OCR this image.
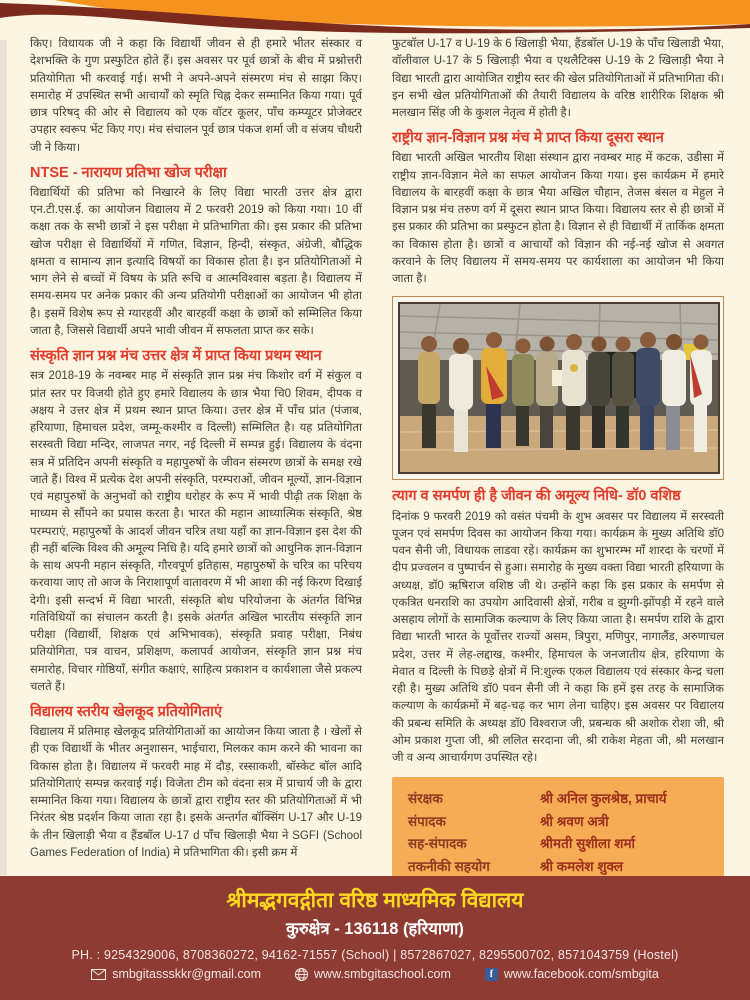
किए। विधायक जी ने कहा कि विद्यार्थी जीवन से ही हमारे भीतर संस्कार व देशभक्ति के गुण प्रस्फुटित होते हैं। इस अवसर पर पूर्व छात्रों के बीच में प्रश्नोत्तरी प्रतियोगिता भी करवाई गई। सभी ने अपने-अपने संस्मरण मंच से साझा किए। समारोह में उपस्थित सभी आचार्यों को स्मृति चिह्न देकर सम्मानित किया गया। पूर्व छात्र परिषद् की ओर से विद्यालय को एक वॉटर कूलर, पाँच कम्प्यूटर प्रोजेक्टर उपहार स्वरूप भेंट किए गए। मंच संचालन पूर्व छात्र पंकज शर्मा जी व संजय चौधरी जी ने किया।

NTSE - नारायण प्रतिभा खोज परीक्षा

विद्यार्थियों की प्रतिभा को निखारने के लिए विद्या भारती उत्तर क्षेत्र द्वारा एन.टी.एस.ई. का आयोजन विद्यालय में 2 फरवरी 2019 को किया गया। 10 वीं कक्षा तक के सभी छात्रों ने इस परीक्षा मे प्रतिभागिता की। इस प्रकार की प्रतिभा खोज परीक्षा से विद्यार्थियों में गणित, विज्ञान, हिन्दी, संस्कृत, अंग्रेजी, बौद्धिक क्षमता व सामान्य ज्ञान इत्यादि विषयों का विकास होता है। इन प्रतियोगिताओं मे भाग लेने से बच्चों में विषय के प्रति रूचि व आत्मविश्वास बड़ता है। विद्यालय में समय-समय पर अनेक प्रकार की अन्य प्रतियोगी परीक्षाओं का आयोजन भी होता है। इसमें विशेष रूप से ग्यारहवीं और बारहवीं कक्षा के छात्रों को सम्मिलित किया जाता है, जिससे विद्यार्थी अपने भावी जीवन में सफलता प्राप्त कर सके।

संस्कृति ज्ञान प्रश्न मंच उत्तर क्षेत्र में प्राप्त किया प्रथम स्थान

सत्र 2018-19 के नवम्बर माह में संस्कृति ज्ञान प्रश्न मंच किशोर वर्ग में संकुल व प्रांत स्तर पर विजयी होते हुए हमारे विद्यालय के छात्र भैया चि0 शिवम, दीपक व अक्षय ने उत्तर क्षेत्र में प्रथम स्थान प्राप्त किया। उत्तर क्षेत्र में पाँच प्रांत (पंजाब, हरियाणा, हिमाचल प्रदेश, जम्मू-कश्मीर व दिल्ली) सम्मिलित है। यह प्रतियोगिता सरस्वती विद्या मन्दिर, लाजपत नगर, नई दिल्ली में सम्पन्न हुई। विद्यालय के वंदना सत्र में प्रतिदिन अपनी संस्कृति व महापुरुषों के जीवन संस्मरण छात्रों के समक्ष रखे जाते हैं। विश्व में प्रत्येक देश अपनी संस्कृति, परम्पराओं, जीवन मूल्यों, ज्ञान-विज्ञान एवं महापुरुषों के अनुभवों को राष्ट्रीय धरोहर के रूप में भावी पीढ़ी तक शिक्षा के माध्यम से सौंपने का प्रयास करता है। भारत की महान आध्यात्मिक संस्कृति, श्रेष्ठ परम्पराएं, महापुरुषों के आदर्श जीवन चरित्र तथा यहाँ का ज्ञान-विज्ञान इस देश की ही नहीं बल्कि विश्व की अमूल्य निधि है। यदि हमारे छात्रों को आधुनिक ज्ञान-विज्ञान के साथ अपनी महान संस्कृति, गौरवपूर्ण इतिहास, महापुरुषों के चरित्र का परिचय करवाया जाए तो आज के निराशापूर्ण वातावरण में भी आशा की नई किरण दिखाई देगी। इसी सन्दर्भ में विद्या भारती, संस्कृति बोध परियोजना के अंतर्गत विभिन्न गतिविधियों का संचालन करती है। इसके अंतर्गत अखिल भारतीय संस्कृति ज्ञान परीक्षा (विद्यार्थी, शिक्षक एवं अभिभावक), संस्कृति प्रवाह परीक्षा, निबंध प्रतियोगिता, पत्र वाचन, प्रशिक्षण, कलापर्व आयोजन, संस्कृति ज्ञान प्रश्न मंच समारोह, विचार गोष्ठियाँ, संगीत कक्षाएं, साहित्य प्रकाशन व कार्यशाला जैसे प्रकल्प चलते हैं।

विद्यालय स्तरीय खेलकूद प्रतियोगिताएं

विद्यालय में प्रतिमाह खेलकूद प्रतियोगिताओं का आयोजन किया जाता है । खेलों से ही एक विद्यार्थी के भीतर अनुशासन, भाईचारा, मिलकर काम करने की भावना का विकास होता है। विद्यालय में फरवरी माह में दौड़, रस्साकशी, बॉस्केट बॉल आदि प्रतियोगिताएं सम्पन्न करवाई गई। विजेता टीम को वंदना सत्र में प्राचार्य जी के द्वारा सम्मानित किया गया। विद्यालय के छात्रों द्वारा राष्ट्रीय स्तर की प्रतियोगिताओं में भी निरंतर श्रेष्ठ प्रदर्शन किया जाता रहा है। इसके अन्तर्गत बॉक्सिंग U-17 और U-19 के तीन खिलाड़ी भैया व हैंडबॉल U-17 d पाँच खिलाड़ी भैया ने SGFI (School Games Federation of India) मे प्रतिभागिता की। इसी क्रम में

फुटबॉल U-17 व U-19 के 6 खिलाड़ी भैया, हैंडबॉल U-19 के पाँच खिलाडी भैया, वॉलीवाल U-17 के 5 खिलाड़ी भैया व एथलैटिक्स U-19 के 2 खिलाड़ी भैया ने विद्या भारती द्वारा आयोजित राष्ट्रीय स्तर की खेल प्रतियोगिताओं में प्रतिभागिता की। इन सभी खेल प्रतियोगिताओं की तैयारी विद्यालय के वरिष्ठ शारीरिक शिक्षक श्री मलखान सिंह जी के कुशल नेतृत्व में होती है।

राष्ट्रीय ज्ञान-विज्ञान प्रश्न मंच मे प्राप्त किया दूसरा स्थान

विद्या भारती अखिल भारतीय शिक्षा संस्थान द्वारा नवम्बर माह में कटक, उडीसा में राष्ट्रीय ज्ञान-विज्ञान मेले का सफल आयोजन किया गया। इस कार्यक्रम में हमारे विद्यालय के बारहवीं कक्षा के छात्र भैया अखिल चौहान, तेजस बंसल व मेहुल ने विज्ञान प्रश्न मंच तरुण वर्ग में दूसरा स्थान प्राप्त किया। विद्यालय स्तर से ही छात्रों में इस प्रकार की प्रतिभा का प्रस्फुटन होता है। विज्ञान से ही विद्यार्थी में तार्किक क्षमता का विकास होता है। छात्रों व आचार्यों को विज्ञान की नई-नई खोज से अवगत करवाने के लिए विद्यालय में समय-समय पर कार्यशाला का आयोजन भी किया जाता है।

त्याग व समर्पण ही है जीवन की अमूल्य निधि- डॉ0 वशिष्ठ

दिनांक 9 फरवरी 2019 को वसंत पंचमी के शुभ अवसर पर विद्यालय में सरस्वती पूजन एवं समर्पण दिवस का आयोजन किया गया। कार्यक्रम के मुख्य अतिथि डॉ0 पवन सैनी जी, विधायक लाडवा रहे। कार्यक्रम का शुभारम्भ माँ शारदा के चरणों में दीप प्रज्वलन व पुष्पार्चन से हुआ। समारोह के मुख्य वक्ता विद्या भारती हरियाणा के अध्यक्ष, डॉ0 ऋषिराज वशिष्ठ जी थे। उन्होंने कहा कि इस प्रकार के समर्पण से एकत्रित धनराशि का उपयोग आदिवासी क्षेत्रों, गरीब व झुग्गी-झोंपड़ी में रहने वाले असहाय लोगों के सामाजिक कल्याण के लिए किया जाता है। समर्पण राशि के द्वारा विद्या भारती भारत के पूर्वोत्तर राज्यों असम, त्रिपुरा, मणिपुर, नागालैंड, अरुणाचल प्रदेश, उत्तर में लेह-लद्दाख, कश्मीर, हिमाचल के जनजातीय क्षेत्र, हरियाणा के मेवात व दिल्ली के पिछड़े क्षेत्रों में नि:शुल्क एकल विद्यालय एवं संस्कार केन्द्र चला रही है। मुख्य अतिथि डॉ0 पवन सैनी जी ने कहा कि हमें इस तरह के सामाजिक कल्याण के कार्यक्रमों में बढ़-चढ़ कर भाग लेना चाहिए। इस अवसर पर विद्यालय की प्रबन्ध समिति के अध्यक्ष डॉ0 विश्वराज जी, प्रबन्धक श्री अशोक रोशा जी, श्री ओम प्रकाश गुप्ता जी, श्री ललित सरदाना जी, श्री राकेश मेहता जी, श्री मलखान जी व अन्य आचार्यगण उपस्थित रहे।

संरक्षक	श्री अनिल कुलश्रेष्ठ, प्राचार्य
संपादक	श्री श्रवण अत्री
सह-संपादक	श्रीमती सुशीला शर्मा
तकनीकी सहयोग	श्री कमलेश शुक्ल
श्रीमद्भगवद्गीता वरिष्ठ माध्यमिक विद्यालय
कुरुक्षेत्र - 136118 (हरियाणा)
PH. : 9254329006, 8708360272, 94162-71557 (School) | 8572867027, 8295500702, 8571043759 (Hostel)
smbgitassskkr@gmail.com	www.smbgitaschool.com	f www.facebook.com/smbgita
